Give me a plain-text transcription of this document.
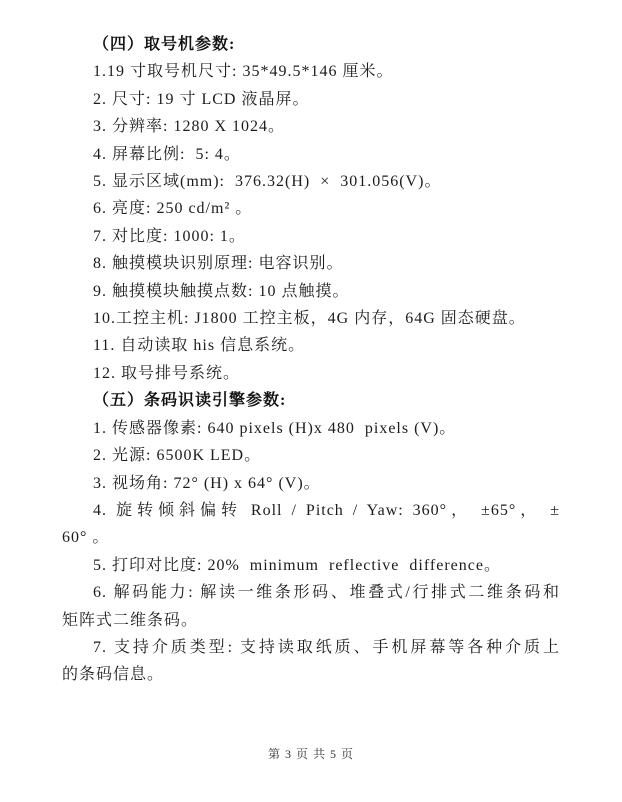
（四）取号机参数:
1.19 寸取号机尺寸: 35*49.5*146 厘米。
2. 尺寸: 19 寸 LCD 液晶屏。
3. 分辨率: 1280 X 1024。
4. 屏幕比例:  5: 4。
5. 显示区域(mm):  376.32(H)  ×  301.056(V)。
6. 亮度: 250 cd/m² 。
7. 对比度: 1000: 1。
8. 触摸模块识别原理: 电容识别。
9. 触摸模块触摸点数: 10 点触摸。
10.工控主机: J1800 工控主板，4G 内存，64G 固态硬盘。
11. 自动读取 his 信息系统。
12. 取号排号系统。
（五）条码识读引擎参数:
1. 传感器像素: 640 pixels (H)x 480  pixels (V)。
2. 光源: 6500K LED。
3. 视场角: 72° (H) x 64° (V)。
4. 旋转倾斜偏转 Roll / Pitch / Yaw: 360°， ±65°， ±
60° 。
5. 打印对比度: 20%  minimum  reflective  difference。
6. 解码能力: 解读一维条形码、堆叠式/行排式二维条码和
矩阵式二维条码。
7. 支持介质类型: 支持读取纸质、手机屏幕等各种介质上
的条码信息。
第 3 页 共 5 页
